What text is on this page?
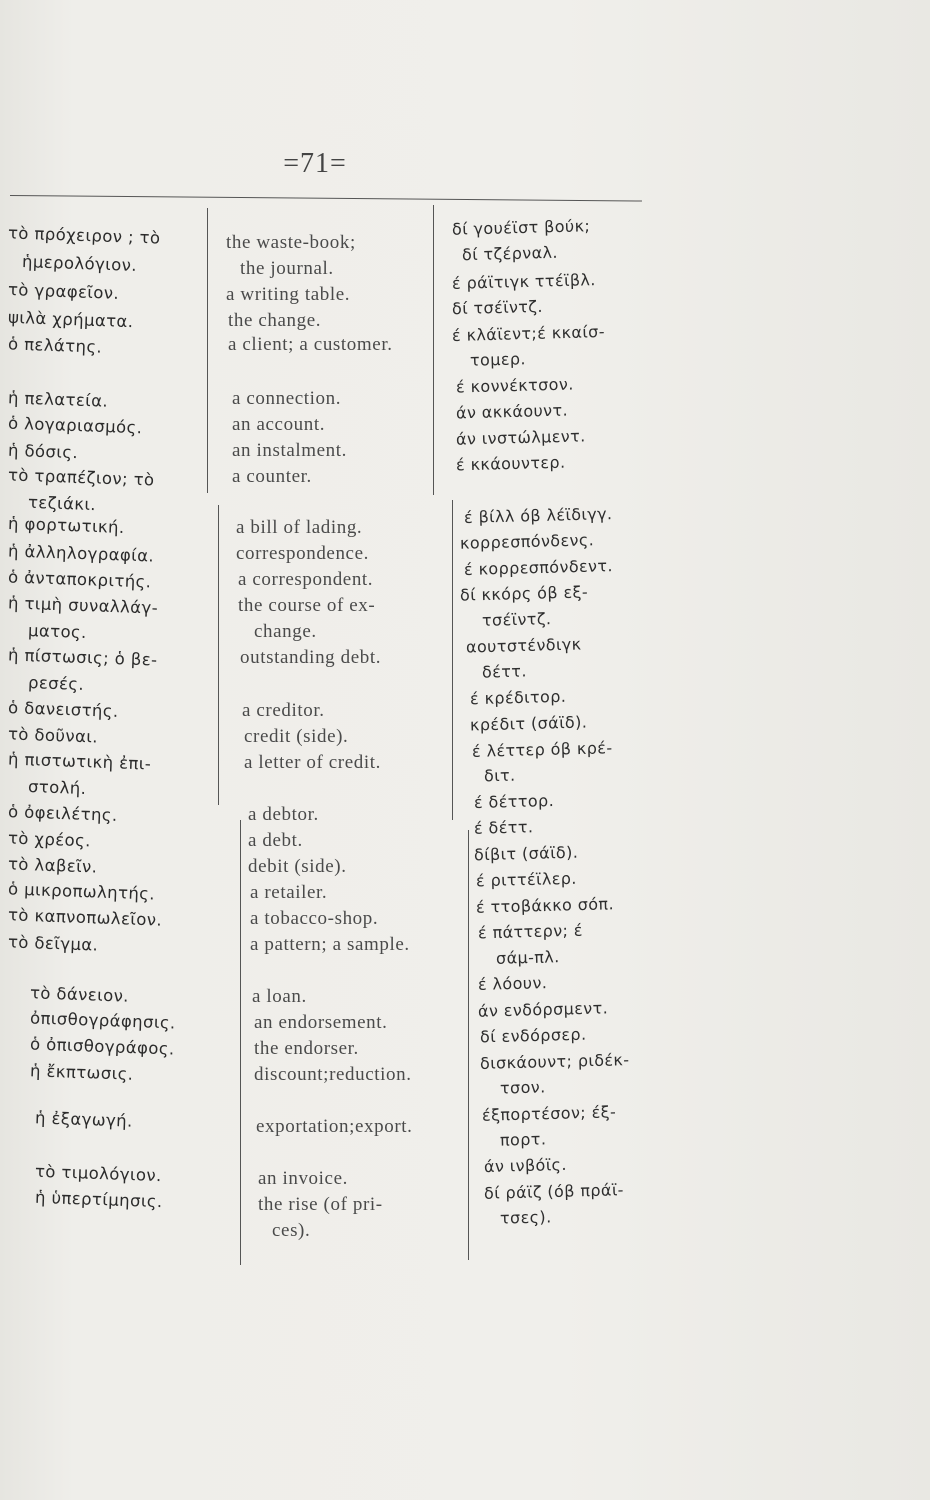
=71=
τὸ πρόχειρον ; τὸ
ἡμερολόγιον.
τὸ γραφεῖον.
ψιλὰ χρήματα.
ὁ πελάτης.
ἡ πελατεία.
ὁ λογαριασμός.
ἡ δόσις.
τὸ τραπέζιον; τὸ
τεζιάκι.
ἡ φορτωτική.
ἡ ἀλληλογραφία.
ὁ ἀνταποκριτής.
ἡ τιμὴ συναλλάγ-
ματος.
ἡ πίστωσις; ὁ βε-
ρεσές.
ὁ δανειστής.
τὸ δοῦναι.
ἡ πιστωτικὴ ἐπι-
στολή.
ὁ ὀφειλέτης.
τὸ χρέος.
τὸ λαβεῖν.
ὁ μικροπωλητής.
τὸ καπνοπωλεῖον.
τὸ δεῖγμα.
τὸ δάνειον.
ὀπισθογράφησις.
ὁ ὀπισθογράφος.
ἡ ἔκπτωσις.
ἡ ἐξαγωγή.
τὸ τιμολόγιον.
ἡ ὑπερτίμησις.
the waste-book;
the journal.
a writing table.
the change.
a client; a customer.
a connection.
an account.
an instalment.
a counter.
a bill of lading.
correspondence.
a correspondent.
the course of ex-
change.
outstanding debt.
a creditor.
credit (side).
a letter of credit.
a debtor.
a debt.
debit (side).
a retailer.
a tobacco-shop.
a pattern; a sample.
a loan.
an endorsement.
the endorser.
discount;reduction.
exportation;export.
an invoice.
the rise (of pri-
ces).
δί γουέϊστ βούκ;
δί τζέρναλ.
έ ράϊτιγκ ττέϊβλ.
δί τσέϊντζ.
έ κλάϊεντ;έ κκαίσ-
τομερ.
έ κοννέκτσον.
άν ακκάουντ.
άν ινστώλμεντ.
έ κκάουντερ.
έ βίλλ όβ λέϊδιγγ.
κορρεσπόνδενς.
έ κορρεσπόνδεντ.
δί κκόρς όβ εξ-
τσέϊντζ.
αουτστένδιγκ
δέττ.
έ κρέδιτορ.
κρέδιτ (σάϊδ).
έ λέττερ όβ κρέ-
διτ.
έ δέττορ.
έ δέττ.
δίβιτ (σάϊδ).
έ ριττέϊλερ.
έ ττοβάκκο σόπ.
έ πάττερν; έ
σάμ-πλ.
έ λόουν.
άν ενδόρσμεντ.
δί ενδόρσερ.
δισκάουντ; ριδέκ-
τσον.
έξπορτέσον; έξ-
πορτ.
άν ινβόϊς.
δί ράϊζ (όβ πράϊ-
τσες).
